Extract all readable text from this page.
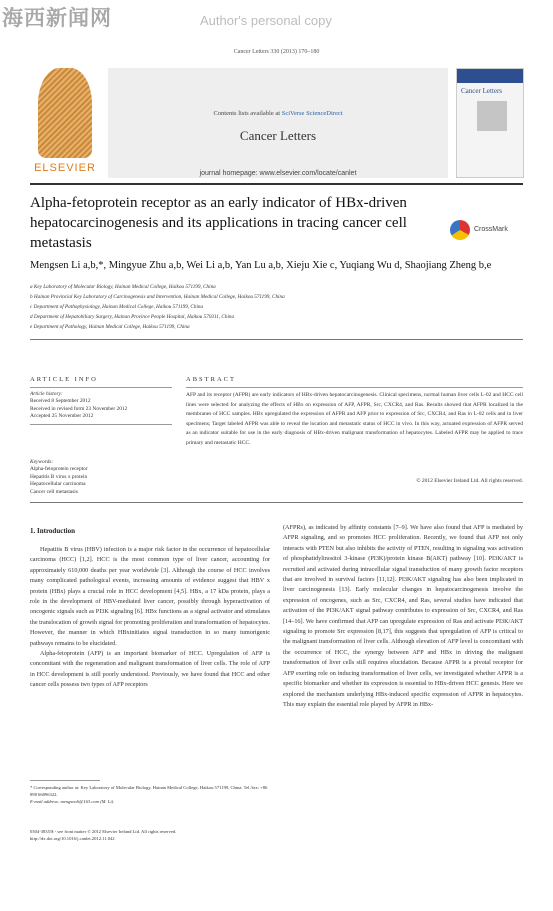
海西新闻网	Author's personal copy
Cancer Letters 330 (2013) 170–180
ELSEVIER
Contents lists available at SciVerse ScienceDirect
Cancer Letters
journal homepage: www.elsevier.com/locate/canlet
Cancer Letters
Alpha-fetoprotein receptor as an early indicator of HBx-driven hepatocarcinogenesis and its applications in tracing cancer cell metastasis
CrossMark
Mengsen Li a,b,*, Mingyue Zhu a,b, Wei Li a,b, Yan Lu a,b, Xieju Xie c, Yuqiang Wu d, Shaojiang Zheng b,e
a Key Laboratory of Molecular Biology, Hainan Medical College, Haikou 571199, China
b Hainan Provincial Key Laboratory of Carcinogenesis and Intervention, Hainan Medical College, Haikou 571199, China
c Department of Pathophysiology, Hainan Medical College, Haikou 571199, China
d Department of Hepatobiliary Surgery, Hainan Province People Hospital, Haikou 570311, China
e Department of Pathology, Hainan Medical College, Haikou 571199, China
ARTICLE INFO
Article history:
Received 8 September 2012
Received in revised form 23 November 2012
Accepted 25 November 2012
Keywords:
Alpha-fetoprotein receptor
Hepatitis B virus x protein
Hepatocellular carcinoma
Cancer cell metastasis
ABSTRACT
AFP and its receptor (AFPR) are early indicators of HBx-driven hepatocarcinogenesis. Clinical specimens, normal human liver cells L-02 and HCC cell lines were selected for analyzing the effects of HBx on expression of AFP, AFPR, Src, CXCR4, and Ras. Results showed that AFPR localized in the membranes of HCC samples. HBx upregulated the expression of AFPR and AFP prior to expression of Src, CXCR4, and Ras in L-02 cells and in liver specimens; Target labeled AFPR was able to reveal the location and metastatic status of HCC in vivo. In this way, actuated expression of AFPR served as an indicator suitable for use in the early diagnosis of HBx-driven malignant transformation of hepatocytes. Labeled AFPR may be applied to trace primary and metastatic HCC.
© 2012 Elsevier Ireland Ltd. All rights reserved.
1. Introduction

Hepatitis B virus (HBV) infection is a major risk factor in the occurrence of hepatocellular carcinoma (HCC) [1,2]. HCC is the most common type of liver cancer, accounting for approximately 610,000 deaths per year worldwide [3]. Although the course of HCC involves many complicated pathological events, increasing amounts of evidence suggest that HBV x protein (HBx) plays a crucial role in HCC development [4,5]. HBx, a 17 kDa protein, plays a role in the development of HBV-mediated liver cancer, possibly through hyperactivation of oncogenic signals such as PI3K signaling [6]. HBx functions as a signal activator and stimulates the translocation of growth signal for promoting proliferation and transformation of hepatocytes. However, the manner in which HBxinitiates signal transduction in so many tumorigenic pathways remains to be elucidated.

Alpha-fetoprotein (AFP) is an important biomarker of HCC. Upregulation of AFP is concomitant with the regeneration and malignant transformation of liver cells. The role of AFP in HCC development is still poorly understood. Previously, we have found that HCC and other cancer cells possess two types of AFP receptors

(AFPRs), as indicated by affinity constants [7–9]. We have also found that AFP is mediated by AFPR signaling, and so promotes HCC proliferation. Recently, we found that AFP not only interacts with PTEN but also inhibits the activity of PTEN, resulting in signaling was activation of phosphatidylinositol 3-kinase (PI3K)/protein kinase B(AKT) pathway [10]. PI3K/AKT is recruited and activated during intracellular signal transduction of many growth factor receptors that are involved in survival factors [11,12]. PI3K/AKT signaling has also been implicated in liver carcinogenesis [13]. Early molecular changes in hepatocarcinogenesis involve the expression of oncogenes, such as Src, CXCR4, and Ras, several studies have indicated that activation of the PI3K/AKT signal pathway contributes to expression of Src, CXCR4, and Ras [14–16]. We have confirmed that AFP can upregulate expression of Ras and activate PI3K/AKT signaling to promote Src expression [8,17], this suggests that upregulation of AFP is critical to the malignant transformation of liver cells. Although elevation of AFP level is concomitant with the occurrence of HCC, the synergy between AFP and HBx in driving the malignant transformation of liver cells still requires elucidation. Because AFPR is a pivotal receptor for AFP exerting role on inducing transformation of liver cells, we investigated whether AFPR is a specific biomarker and whether its expression is essential to HBx-driven HCC genesis. Here we explored the mechanism underlying HBx-induced specific expression of AFPR in hepatocytes. This may explain the essential role played by AFPR in HBx-

* Corresponding author at: Key Laboratory of Molecular Biology, Hainan Medical College, Haikou 571199, China. Tel./fax: +86 898 66896322.
E-mail address: mengsenli@163.com (M. Li).
0304-3835/$ - see front matter © 2012 Elsevier Ireland Ltd. All rights reserved.
http://dx.doi.org/10.1016/j.canlet.2012.11.042
